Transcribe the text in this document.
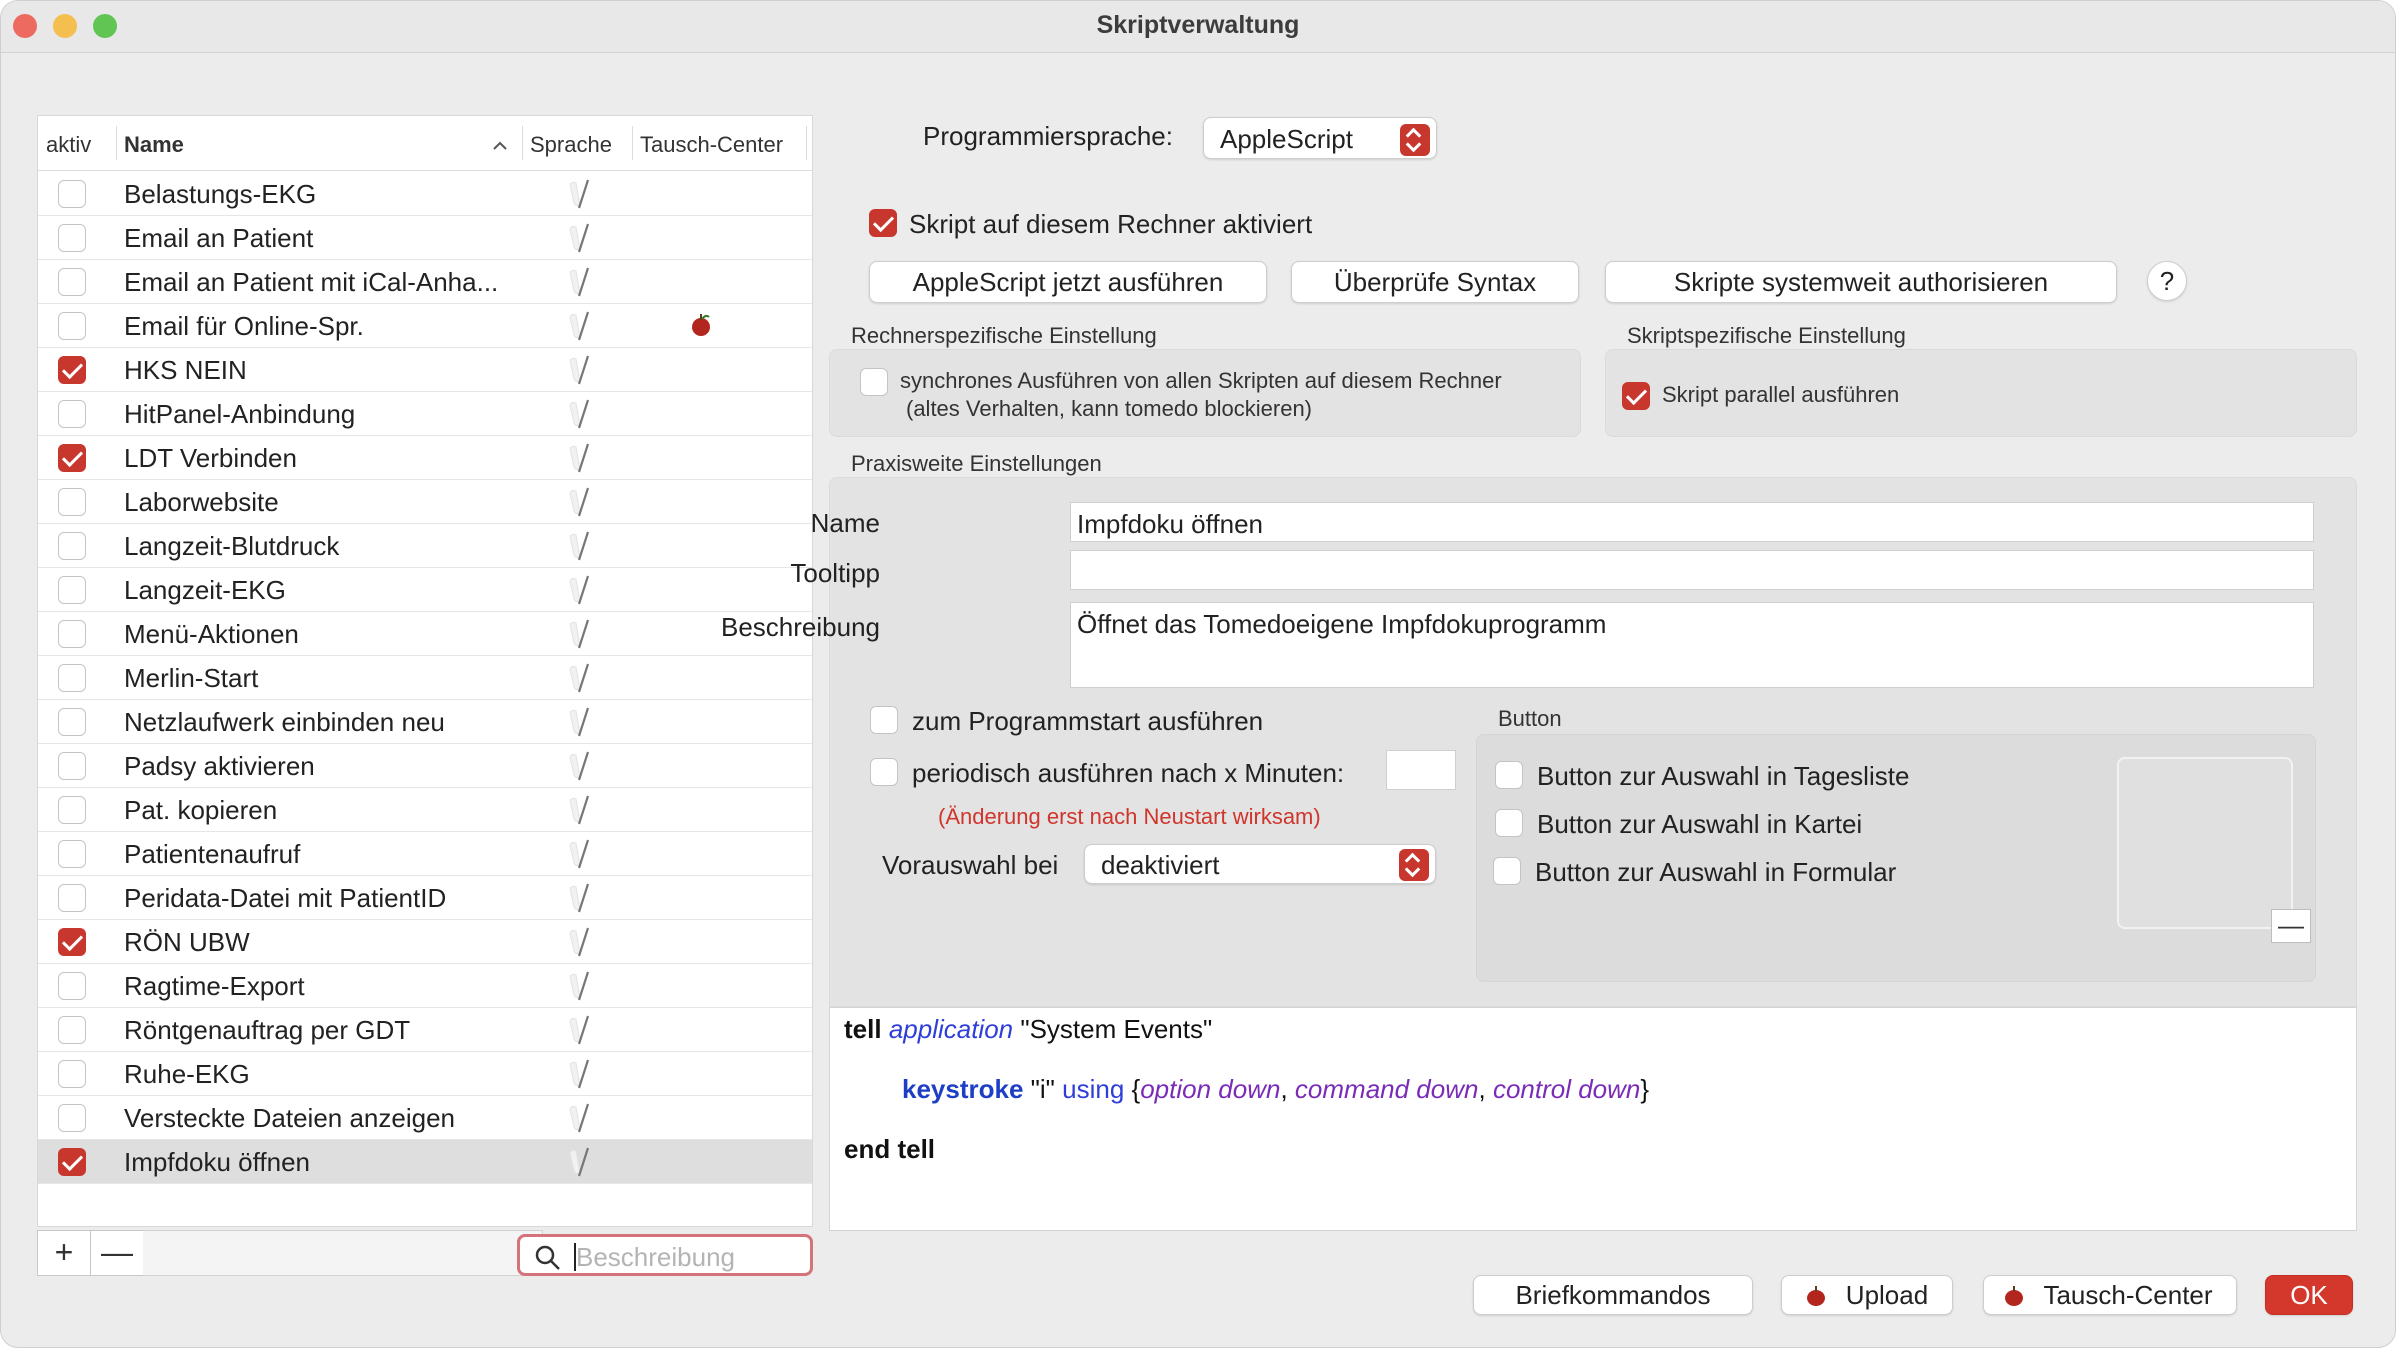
Skriptverwaltung
aktiv Name	Sprache Tausch-Center
Belastungs-EKG
Email an Patient
Email an Patient mit iCal-Anha...
Email für Online-Spr.
HKS NEIN
HitPanel-Anbindung
LDT Verbinden
Laborwebsite
Langzeit-Blutdruck
Langzeit-EKG
Menü-Aktionen
Merlin-Start
Netzlaufwerk einbinden neu
Padsy aktivieren
Pat. kopieren
Patientenaufruf
Peridata-Datei mit PatientID
RÖN UBW
Ragtime-Export
Röntgenauftrag per GDT
Ruhe-EKG
Versteckte Dateien anzeigen
Impfdoku öffnen
+ —	Beschreibung
Programmiersprache: AppleScript
Skript auf diesem Rechner aktiviert
AppleScript jetzt ausführen	Überprüfe Syntax	Skripte systemweit authorisieren	?
Rechnerspezifische Einstellung
synchrones Ausführen von allen Skripten auf diesem Rechner
(altes Verhalten, kann tomedo blockieren)
Skriptspezifische Einstellung
Skript parallel ausführen
Praxisweite Einstellungen
Name	Impfdoku öffnen
Tooltipp
Beschreibung	Öffnet das Tomedoeigene Impfdokuprogramm
zum Programmstart ausführen
periodisch ausführen nach x Minuten:
(Änderung erst nach Neustart wirksam)
Vorauswahl bei deaktiviert
Button
Button zur Auswahl in Tagesliste
Button zur Auswahl in Kartei
Button zur Auswahl in Formular
—
tell application "System Events"
keystroke "i" using {option down, command down, control down}
end tell
Briefkommandos	Upload	Tausch-Center	OK
